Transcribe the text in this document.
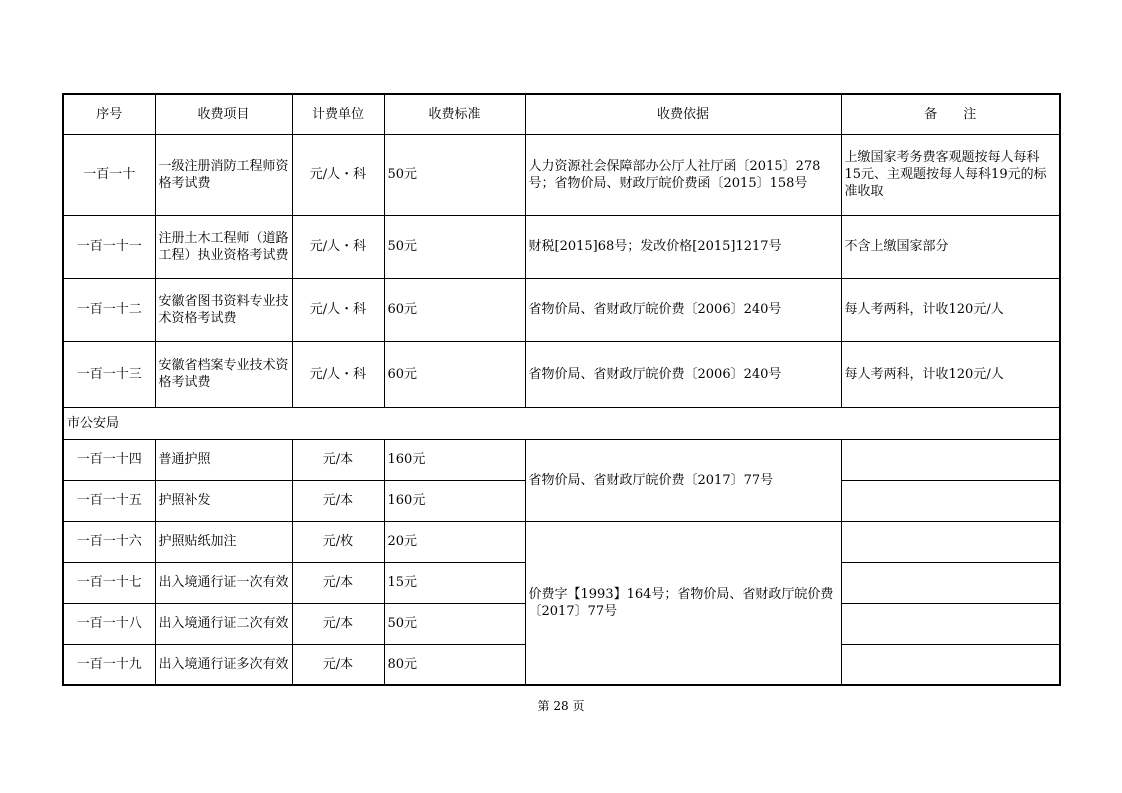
序号	收费项目	计费单位	收费标准	收费依据	备　　注
一百一十	一级注册消防工程师资格考试费	元/人・科	50元	人力资源社会保障部办公厅人社厅函〔2015〕278号；省物价局、财政厅皖价费函〔2015〕158号	上缴国家考务费客观题按每人每科15元、主观题按每人每科19元的标准收取
一百一十一	注册土木工程师（道路工程）执业资格考试费	元/人・科	50元	财税[2015]68号；发改价格[2015]1217号	不含上缴国家部分
一百一十二	安徽省图书资料专业技术资格考试费	元/人・科	60元	省物价局、省财政厅皖价费〔2006〕240号	每人考两科，计收120元/人
一百一十三	安徽省档案专业技术资格考试费	元/人・科	60元	省物价局、省财政厅皖价费〔2006〕240号	每人考两科，计收120元/人
市公安局					
一百一十四	普通护照	元/本	160元	省物价局、省财政厅皖价费〔2017〕77号	
一百一十五	护照补发	元/本	160元		
一百一十六	护照贴纸加注	元/枚	20元	价费字【1993】164号；省物价局、省财政厅皖价费〔2017〕77号	
一百一十七	出入境通行证一次有效	元/本	15元		
一百一十八	出入境通行证二次有效	元/本	50元		
一百一十九	出入境通行证多次有效	元/本	80元		
第 28 页
